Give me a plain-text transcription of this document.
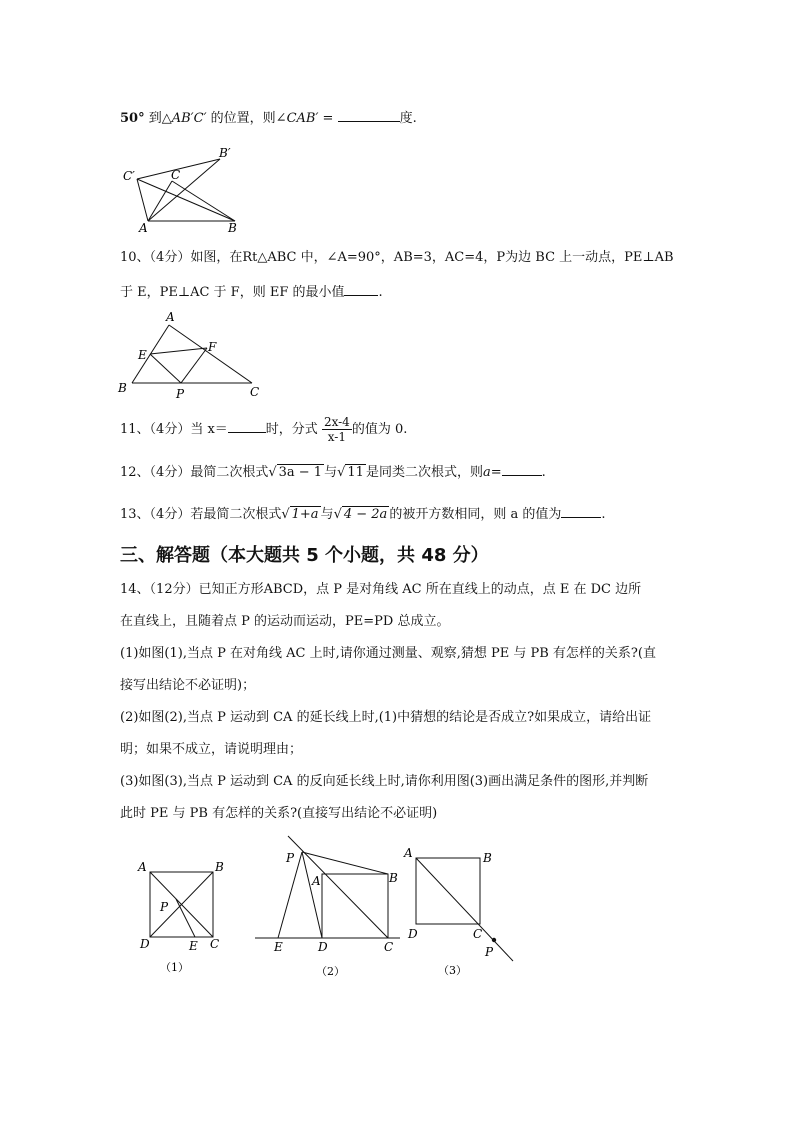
50° 到△AB′C′ 的位置，则∠CAB′ =	度.
A	B
C
B′
C′
10、（4分）如图，在Rt△ABC 中，∠A=90°，AB=3，AC=4，P为边 BC 上一动点，PE⊥AB
于 E，PE⊥AC 于 F，则 EF 的最小值	.
A
B	C
E
F
P
11、（4分）当 x＝	时，分式 $\frac{2x-4}{x-1}$ 的值为 0.
12、（4分）最简二次根式√ 3a − 1 与√ 11 是同类二次根式，则a=	.
13、（4分）若最简二次根式√ 1+a 与√ 4 − 2a 的被开方数相同，则 a 的值为	.
三、解答题（本大题共 5 个小题，共 48 分）
14、（12分）已知正方形ABCD，点 P 是对角线 AC 所在直线上的动点，点 E 在 DC 边所
在直线上，且随着点 P 的运动而运动，PE=PD 总成立。
(1)如图(1),当点 P 在对角线 AC 上时,请你通过测量、观察,猜想 PE 与 PB 有怎样的关系?(直
接写出结论不必证明)；
(2)如图(2),当点 P 运动到 CA 的延长线上时,(1)中猜想的结论是否成立?如果成立，请给出证
明；如果不成立，请说明理由；
(3)如图(3),当点 P 运动到 CA 的反向延长线上时,请你利用图(3)画出满足条件的图形,并判断
此时 PE 与 PB 有怎样的关系?(直接写出结论不必证明)
A	B
C
D	E
P
（1）
P
A	B
C
D
E
（2）
A	B
C
D
P
（3）
